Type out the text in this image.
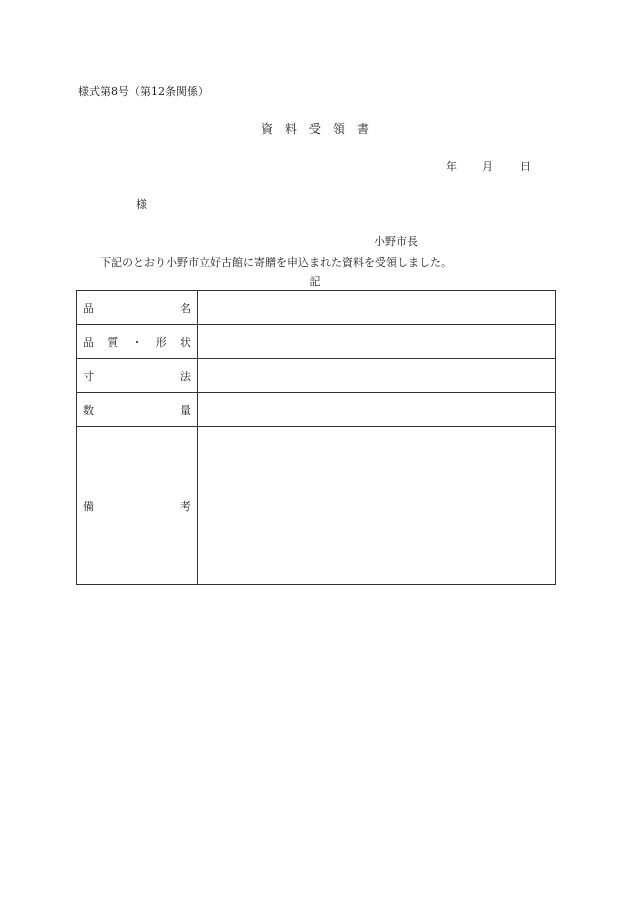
様式第8号（第12条関係）
資 料 受 領 書
年 月 日
様
小野市長
下記のとおり小野市立好古館に寄贈を申込まれた資料を受領しました。
記
品 名	

品 質 ・ 形 状	

寸 法	

数 量	

備 考	
